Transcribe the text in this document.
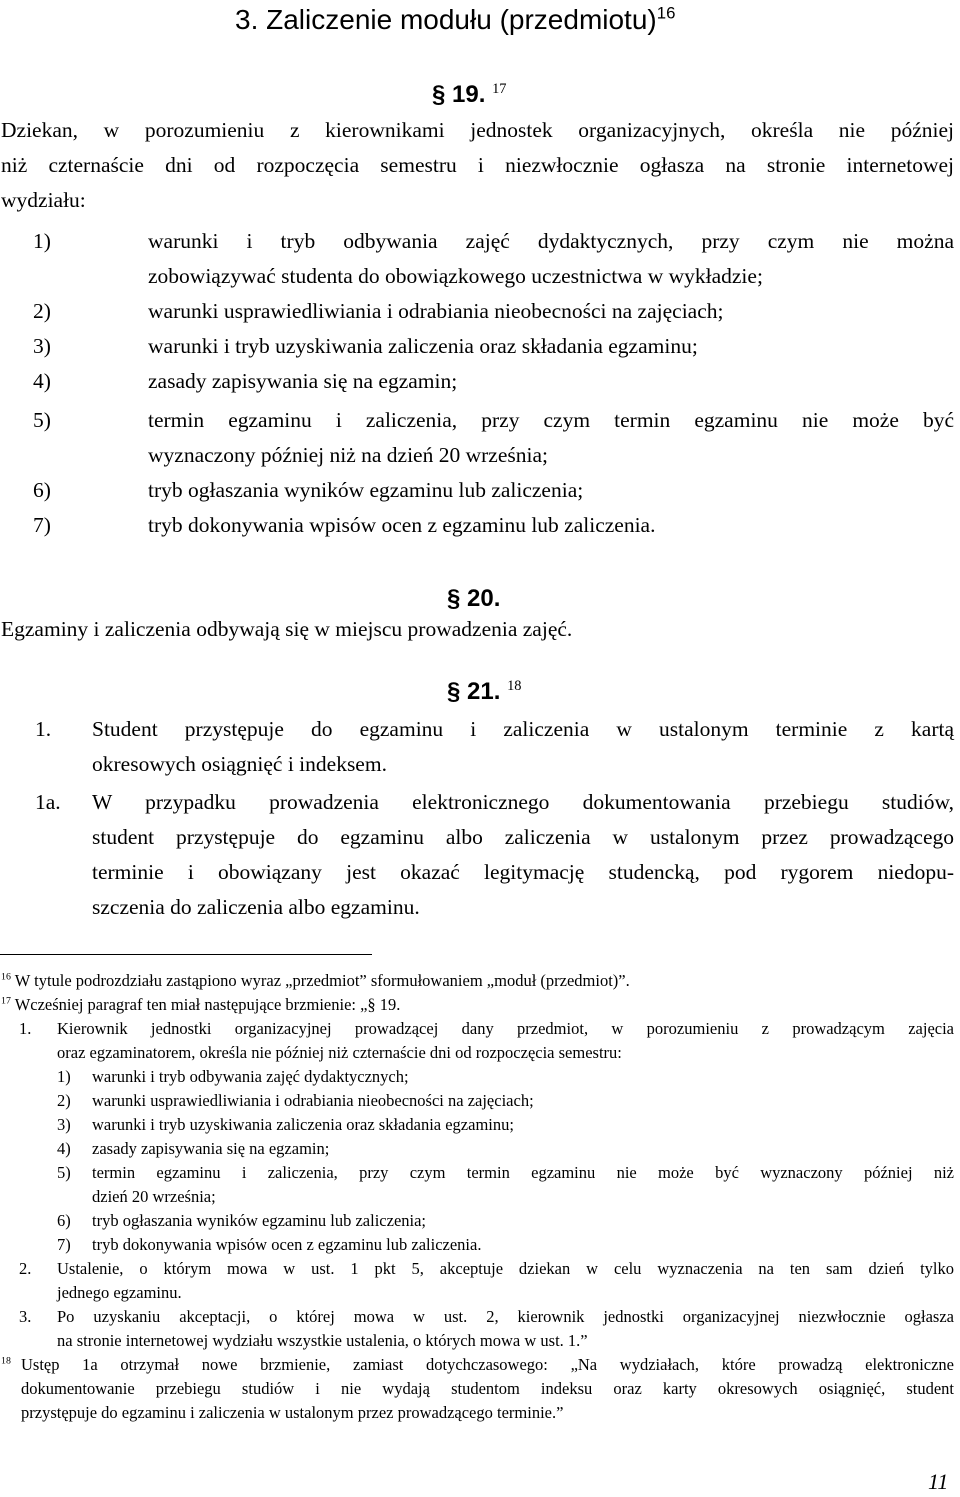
3. Zaliczenie modułu (przedmiotu)$^{16}$
§ 19. $^{17}$
Dziekan, w porozumieniu z kierownikami jednostek organizacyjnych, określa nie później
niż czternaście dni od rozpoczęcia semestru i niezwłocznie ogłasza na stronie internetowej
wydziału:
1)	warunki i tryb odbywania zajęć dydaktycznych, przy czym nie można
zobowiązywać studenta do obowiązkowego uczestnictwa w wykładzie;
2)	warunki usprawiedliwiania i odrabiania nieobecności na zajęciach;
3)	warunki i tryb uzyskiwania zaliczenia oraz składania egzaminu;
4)	zasady zapisywania się na egzamin;
5)	termin egzaminu i zaliczenia, przy czym termin egzaminu nie może być
wyznaczony później niż na dzień 20 września;
6)	tryb ogłaszania wyników egzaminu lub zaliczenia;
7)	tryb dokonywania wpisów ocen z egzaminu lub zaliczenia.
§ 20.
Egzaminy i zaliczenia odbywają się w miejscu prowadzenia zajęć.
§ 21. $^{18}$
1. Student przystępuje do egzaminu i zaliczenia w ustalonym terminie z kartą
okresowych osiągnięć i indeksem.
1a. W przypadku prowadzenia elektronicznego dokumentowania przebiegu studiów,
student przystępuje do egzaminu albo zaliczenia w ustalonym przez prowadzącego
terminie i obowiązany jest okazać legitymację studencką, pod rygorem niedopu-
szczenia do zaliczenia albo egzaminu.
$^{16}$ W tytule podrozdziału zastąpiono wyraz „przedmiot” sformułowaniem „moduł (przedmiot)”.
$^{17}$ Wcześniej paragraf ten miał następujące brzmienie: „§ 19.
1. Kierownik jednostki organizacyjnej prowadzącej dany przedmiot, w porozumieniu z prowadzącym zajęcia
oraz egzaminatorem, określa nie później niż czternaście dni od rozpoczęcia semestru:
1) warunki i tryb odbywania zajęć dydaktycznych;
2) warunki usprawiedliwiania i odrabiania nieobecności na zajęciach;
3) warunki i tryb uzyskiwania zaliczenia oraz składania egzaminu;
4) zasady zapisywania się na egzamin;
5) termin egzaminu i zaliczenia, przy czym termin egzaminu nie może być wyznaczony później niż
dzień 20 września;
6) tryb ogłaszania wyników egzaminu lub zaliczenia;
7) tryb dokonywania wpisów ocen z egzaminu lub zaliczenia.
2. Ustalenie, o którym mowa w ust. 1 pkt 5, akceptuje dziekan w celu wyznaczenia na ten sam dzień tylko
jednego egzaminu.
3. Po uzyskaniu akceptacji, o której mowa w ust. 2, kierownik jednostki organizacyjnej niezwłocznie ogłasza
na stronie internetowej wydziału wszystkie ustalenia, o których mowa w ust. 1.”
$^{18}$ Ustęp 1a otrzymał nowe brzmienie, zamiast dotychczasowego: „Na wydziałach, które prowadzą elektroniczne
dokumentowanie przebiegu studiów i nie wydają studentom indeksu oraz karty okresowych osiągnięć, student
przystępuje do egzaminu i zaliczenia w ustalonym przez prowadzącego terminie.”
11
